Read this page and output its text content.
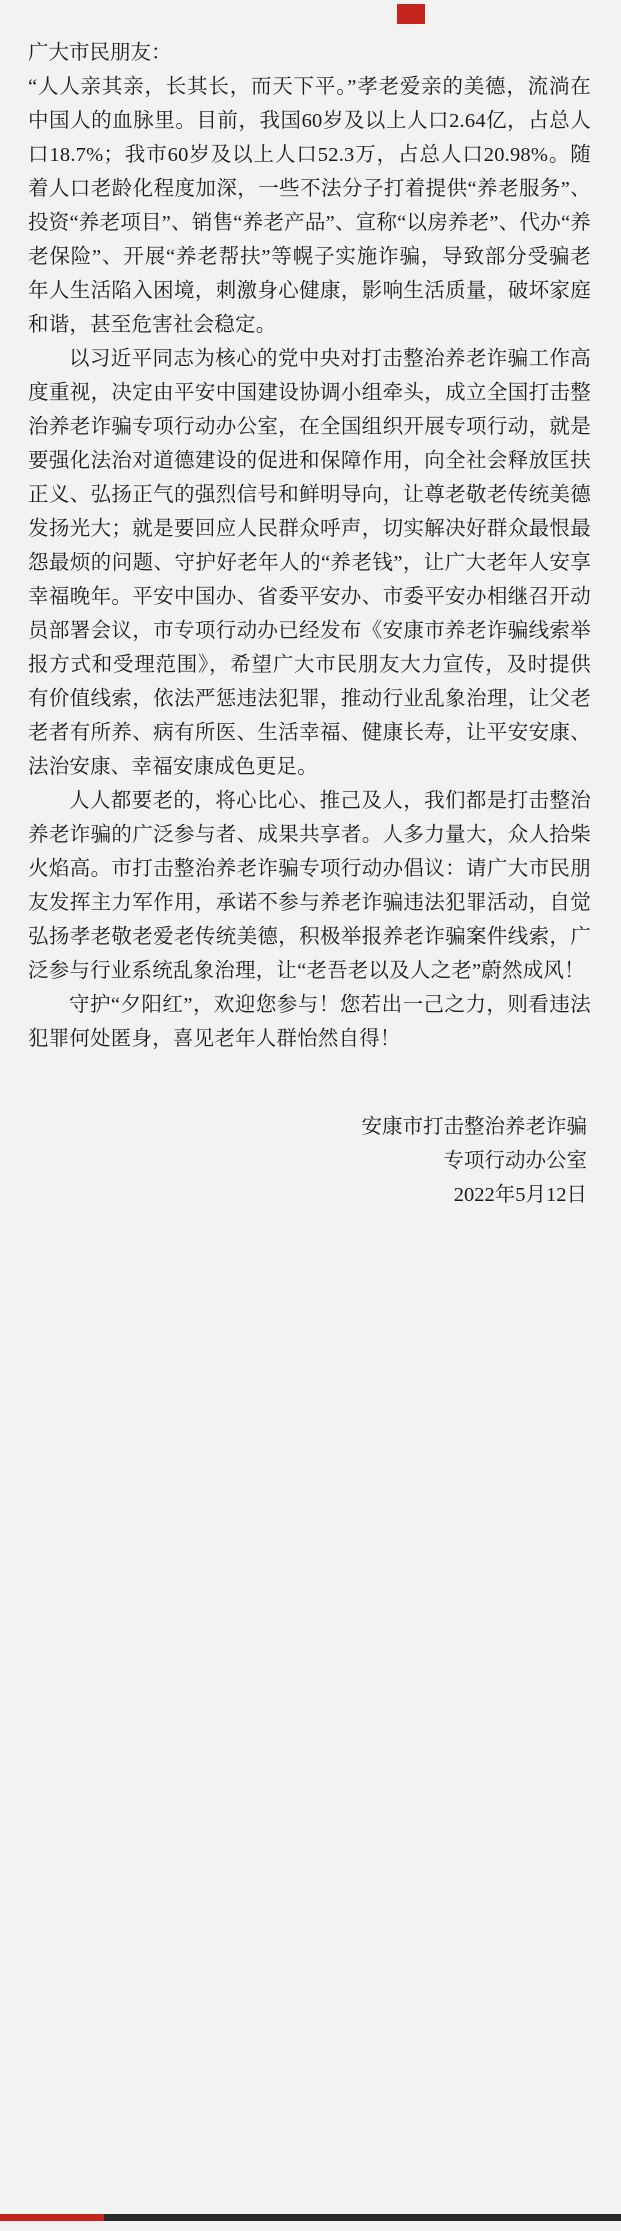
广大市民朋友：

“人人亲其亲，长其长，而天下平。”孝老爱亲的美德，流淌在中国人的血脉里。目前，我国60岁及以上人口2.64亿，占总人口18.7%；我市60岁及以上人口52.3万，占总人口20.98%。随着人口老龄化程度加深，一些不法分子打着提供“养老服务”、投资“养老项目”、销售“养老产品”、宣称“以房养老”、代办“养老保险”、开展“养老帮扶”等幌子实施诈骗，导致部分受骗老年人生活陷入困境，刺激身心健康，影响生活质量，破坏家庭和谐，甚至危害社会稳定。

以习近平同志为核心的党中央对打击整治养老诈骗工作高度重视，决定由平安中国建设协调小组牵头，成立全国打击整治养老诈骗专项行动办公室，在全国组织开展专项行动，就是要强化法治对道德建设的促进和保障作用，向全社会释放匡扶正义、弘扬正气的强烈信号和鲜明导向，让尊老敬老传统美德发扬光大；就是要回应人民群众呼声，切实解决好群众最恨最怨最烦的问题、守护好老年人的“养老钱”，让广大老年人安享幸福晚年。平安中国办、省委平安办、市委平安办相继召开动员部署会议，市专项行动办已经发布《安康市养老诈骗线索举报方式和受理范围》，希望广大市民朋友大力宣传，及时提供有价值线索，依法严惩违法犯罪，推动行业乱象治理，让父老老者有所养、病有所医、生活幸福、健康长寿，让平安安康、法治安康、幸福安康成色更足。

人人都要老的，将心比心、推己及人，我们都是打击整治养老诈骗的广泛参与者、成果共享者。人多力量大，众人拾柴火焰高。市打击整治养老诈骗专项行动办倡议：请广大市民朋友发挥主力军作用，承诺不参与养老诈骗违法犯罪活动，自觉弘扬孝老敬老爱老传统美德，积极举报养老诈骗案件线索，广泛参与行业系统乱象治理，让“老吾老以及人之老”蔚然成风！

守护“夕阳红”，欢迎您参与！您若出一己之力，则看违法犯罪何处匿身，喜见老年人群怡然自得！

安康市打击整治养老诈骗
专项行动办公室
2022年5月12日
